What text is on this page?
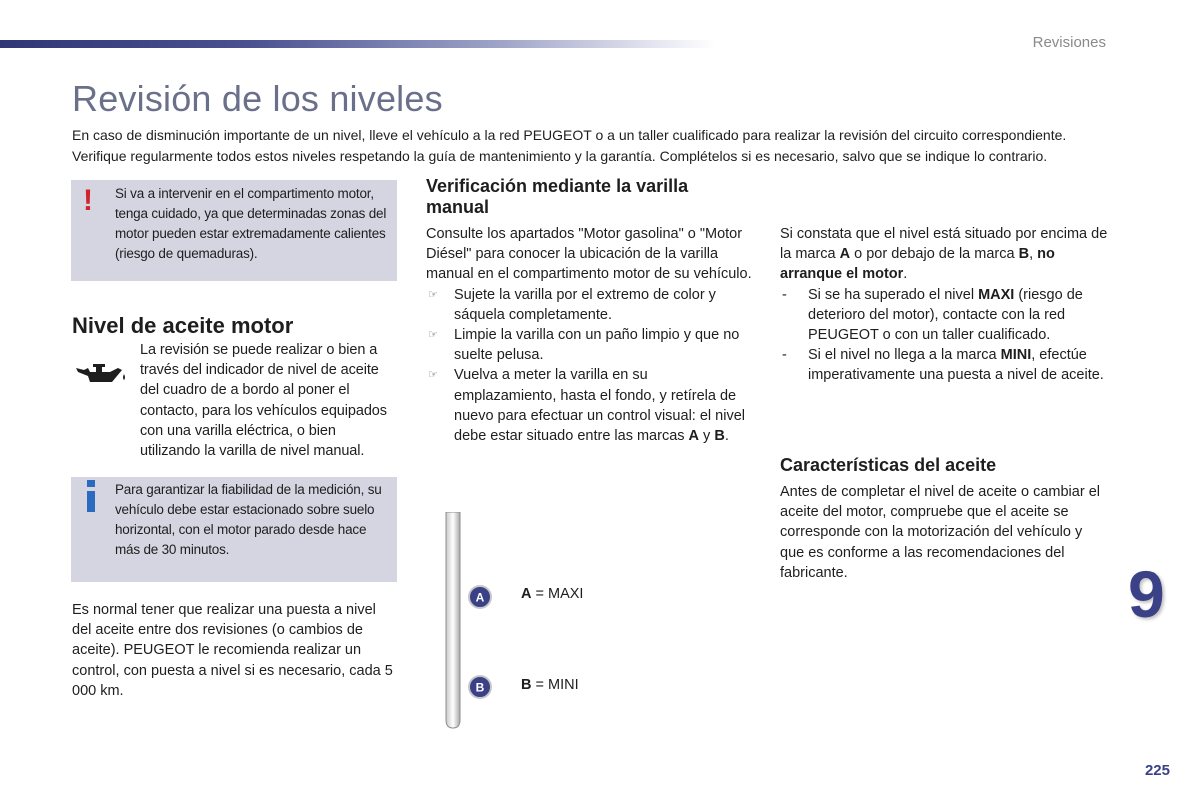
Revisiones
Revisión de los niveles

En caso de disminución importante de un nivel, lleve el vehículo a la red PEUGEOT o a un taller cualificado para realizar la revisión del circuito correspondiente.

Verifique regularmente todos estos niveles respetando la guía de mantenimiento y la garantía. Complételos si es necesario, salvo que se indique lo contrario.

! Si va a intervenir en el compartimento motor, tenga cuidado, ya que determinadas zonas del motor pueden estar extremadamente calientes (riesgo de quemaduras).
Nivel de aceite motor
La revisión se puede realizar o bien a través del indicador de nivel de aceite del cuadro de a bordo al poner el contacto, para los vehículos equipados con una varilla eléctrica, o bien utilizando la varilla de nivel manual.
Para garantizar la fiabilidad de la medición, su vehículo debe estar estacionado sobre suelo horizontal, con el motor parado desde hace más de 30 minutos.
Es normal tener que realizar una puesta a nivel del aceite entre dos revisiones (o cambios de aceite). PEUGEOT le recomienda realizar un control, con puesta a nivel si es necesario, cada 5 000 km.
Verificación mediante la varilla manual

Consulte los apartados "Motor gasolina" o "Motor Diésel" para conocer la ubicación de la varilla manual en el compartimento motor de su vehículo.

☞ Sujete la varilla por el extremo de color y sáquela completamente.

☞ Limpie la varilla con un paño limpio y que no suelte pelusa.

☞ Vuelva a meter la varilla en su emplazamiento, hasta el fondo, y retírela de nuevo para efectuar un control visual: el nivel debe estar situado entre las marcas A y B.

A	A = MAXI
B	B = MINI

Si constata que el nivel está situado por encima de la marca A o por debajo de la marca B, no arranque el motor.

- Si se ha superado el nivel MAXI (riesgo de deterioro del motor), contacte con la red PEUGEOT o con un taller cualificado.

- Si el nivel no llega a la marca MINI, efectúe imperativamente una puesta a nivel de aceite.

Características del aceite
Antes de completar el nivel de aceite o cambiar el aceite del motor, compruebe que el aceite se corresponde con la motorización del vehículo y que es conforme a las recomendaciones del fabricante.	9
225
